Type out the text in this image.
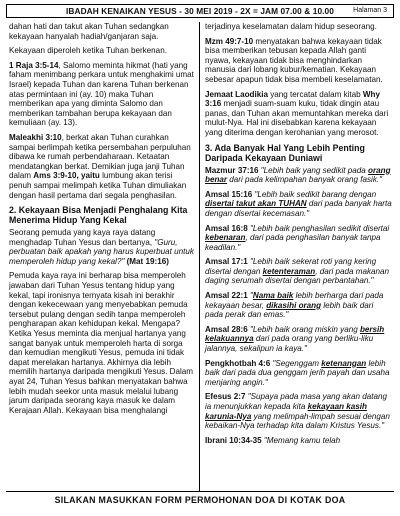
IBADAH KENAIKAN YESUS - 30 MEI 2019 - 2X = JAM 07.00 & 10.00	Halaman 3

dahan hati dan takut akan Tuhan sedangkan kekayaan hanyalah hadiah/ganjaran saja.

Kekayaan diperoleh ketika Tuhan berkenan.

1 Raja 3:5-14, Salomo meminta hikmat (hati yang faham menimbang perkara untuk menghakimi umat Israel) kepada Tuhan dan karena Tuhan berkenan atas permintaan ini (ay. 10) maka Tuhan memberikan apa yang diminta Salomo dan memberikan tambahan berupa kekayaan dan kemuliaan (ay. 13).

Maleakhi 3:10, berkat akan Tuhan curahkan sampai berlimpah ketika persembahan perpuluhan dibawa ke rumah perbendaharaan. Ketaatan mendatangkan berkat. Demikian juga janji Tuhan dalam Ams 3:9-10, yaitu lumbung akan terisi penuh sampai melimpah ketika Tuhan dimuliakan dengan hasil pertama dari segala penghasilan.

2. Kekayaan Bisa Menjadi Penghalang Kita Menerima Hidup Yang Kekal

Seorang pemuda yang kaya raya datang menghadap Tuhan Yesus dan bertanya, "Guru, perbuatan baik apakah yang harus kuperbuat untuk memperoleh hidup yang kekal?" (Mat 19:16)

Pemuda kaya raya ini berharap bisa memperoleh jawaban dari Tuhan Yesus tentang hidup yang kekal, tapi ironisnya ternyata kisah ini berakhir dengan kekecewaan yang menyebabkan pemuda tersebut pulang dengan sedih tanpa memperoleh pengharapan akan kehidupan kekal. Mengapa? Ketika Yesus meminta dia menjual hartanya yang sangat banyak untuk memperoleh harta di sorga dan kemudian mengikuti Yesus, pemuda ini tidak dapat merelakan hartanya. Akhirnya dia lebih memilih hartanya daripada mengikuti Yesus. Dalam ayat 24, Tuhan Yesus bahkan menyatakan bahwa lebih mudah seekor unta masuk melalui lubang jarum daripada seorang kaya masuk ke dalam Kerajaan Allah. Kekayaan bisa menghalangi

terjadinya keselamatan dalam hidup seseorang.

Mzm 49:7-10 menyatakan bahwa kekayaan tidak bisa memberikan tebusan kepada Allah ganti nyawa, kekayaan tidak bisa menghindarkan manusia dari lobang kubur/kematian. Kekayaan sebesar apapun tidak bisa membeli keselamatan.

Jemaat Laodikia yang tercatat dalam kitab Why 3:16 menjadi suam-suam kuku, tidak dingin atau panas, dan Tuhan akan memuntahkan mereka dari mulut-Nya. Hal ini disebabkan karena kekayaan yang diterima dengan kerohanian yang merosot.

3. Ada Banyak Hal Yang Lebih Penting Daripada Kekayaan Duniawi

Mazmur 37:16 "Lebih baik yang sedikit pada orang benar dari pada kelimpahan banyak orang fasik."

Amsal 15:16 "Lebih baik sedikit barang dengan disertai takut akan TUHAN dari pada banyak harta dengan disertai kecemasan."

Amsal 16:8 "Lebih baik penghasilan sedikit disertai kebenaran, dari pada penghasilan banyak tanpa keadilan."

Amsal 17:1 "Lebih baik sekerat roti yang kering disertai dengan ketenteraman, dari pada makanan daging serumah disertai dengan perbantahan."

Amsal 22:1 "Nama baik lebih berharga dari pada kekayaan besar, dikasihi orang lebih baik dari pada perak dan emas."

Amsal 28:6 "Lebih baik orang miskin yang bersih kelakuannya dari pada orang yang berliku-liku jalannya, sekalipun ia kaya."

Pengkhotbah 4:6 "Segenggam ketenangan lebih baik dari pada dua genggam jerih payah dan usaha menjaring angin."

Efesus 2:7 "Supaya pada masa yang akan datang ia menunjukkan kepada kita kekayaan kasih karunia-Nya yang melimpah-limpah sesuai dengan kebaikan-Nya terhadap kita dalam Kristus Yesus."

Ibrani 10:34-35 "Memang kamu telah

SILAKAN MASUKKAN FORM PERMOHONAN DOA DI KOTAK DOA
